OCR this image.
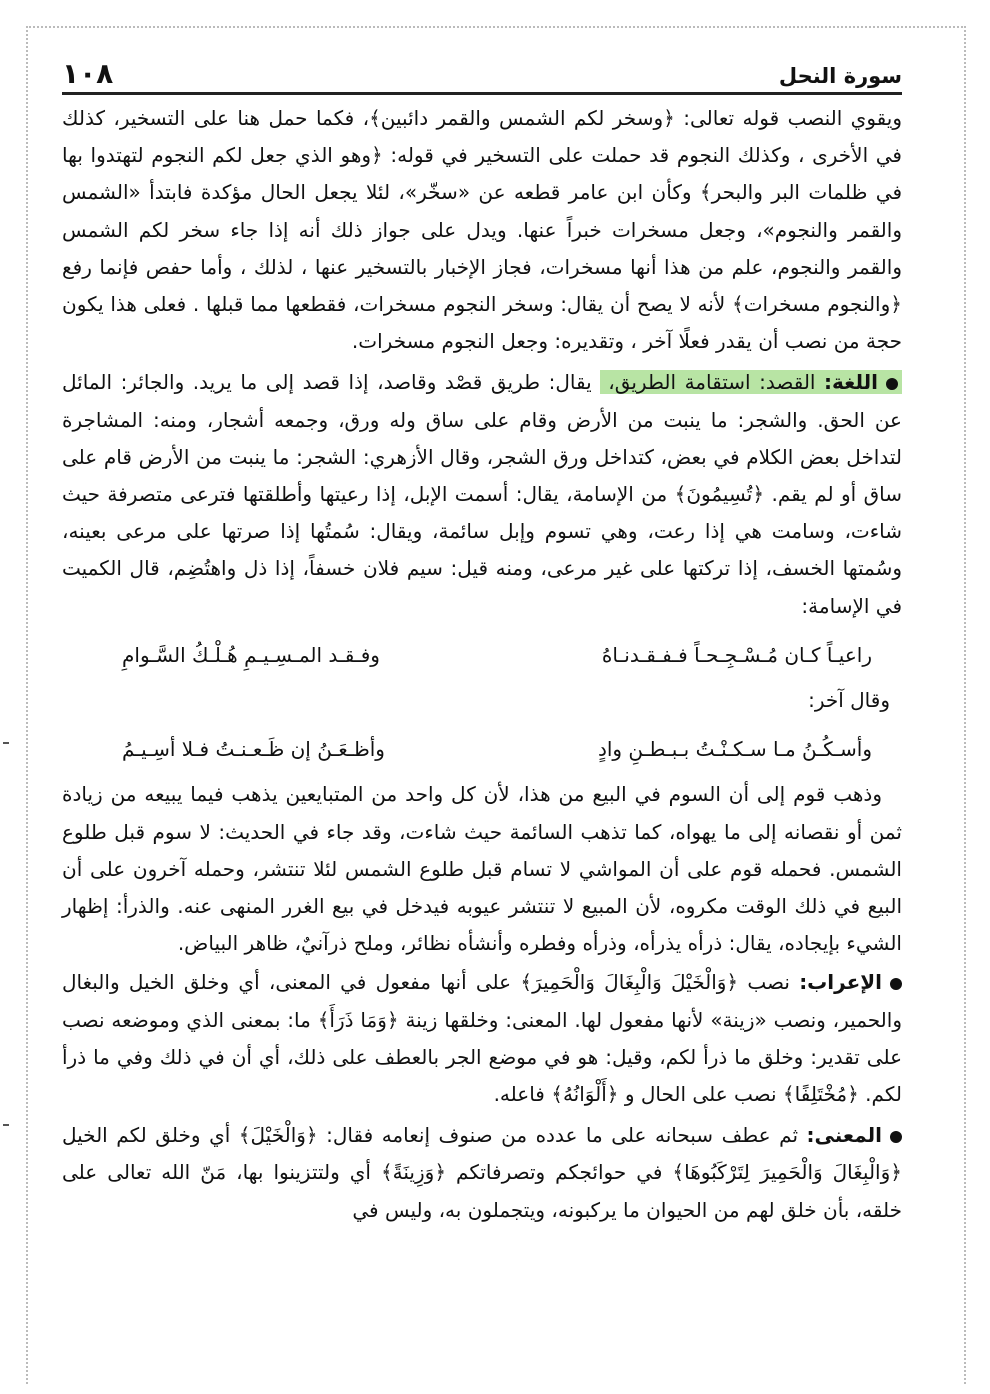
سورة النحل
١٠٨

ويقوي النصب قوله تعالى: ﴿وسخر لكم الشمس والقمر دائبين﴾، فكما حمل هنا على التسخير، كذلك في الأخرى ، وكذلك النجوم قد حملت على التسخير في قوله: ﴿وهو الذي جعل لكم النجوم لتهتدوا بها في ظلمات البر والبحر﴾ وكأن ابن عامر قطعه عن «سخّر»، لئلا يجعل الحال مؤكدة فابتدأ «الشمس والقمر والنجوم»، وجعل مسخرات خبراً عنها. ويدل على جواز ذلك أنه إذا جاء سخر لكم الشمس والقمر والنجوم، علم من هذا أنها مسخرات، فجاز الإخبار بالتسخير عنها ، لذلك ، وأما حفص فإنما رفع ﴿والنجوم مسخرات﴾ لأنه لا يصح أن يقال: وسخر النجوم مسخرات، فقطعها مما قبلها . فعلى هذا يكون حجة من نصب أن يقدر فعلًا آخر ، وتقديره: وجعل النجوم مسخرات.

اللغة: القصد: استقامة الطريق، يقال: طريق قصْد وقاصد، إذا قصد إلى ما يريد. والجائر: المائل عن الحق. والشجر: ما ينبت من الأرض وقام على ساق وله ورق، وجمعه أشجار، ومنه: المشاجرة لتداخل بعض الكلام في بعض، كتداخل ورق الشجر، وقال الأزهري: الشجر: ما ينبت من الأرض قام على ساق أو لم يقم. ﴿تُسِيمُونَ﴾ من الإسامة، يقال: أسمت الإبل، إذا رعيتها وأطلقتها فترعى متصرفة حيث شاءت، وسامت هي إذا رعت، وهي تسوم وإبل سائمة، ويقال: سُمتُها إذا صرتها على مرعى بعينه، وسُمتها الخسف، إذا تركتها على غير مرعى، ومنه قيل: سيم فلان خسفاً، إذا ذل واهتُضِم، قال الكميت في الإسامة:

راعيـاً كـان مُـسْـجِـحـاً فـفـقـدنـاهُ
وفـقـد المـسِـيـمِ هُـلْـكُ السَّـوامِ

وقال آخر:

وأسـكُـنُ مـا سـكـنْـتُ بـبـطـنِ وادٍ
وأظـعَـنُ إن ظَـعـنـتُ فـلا أسِـيـمُ

وذهب قوم إلى أن السوم في البيع من هذا، لأن كل واحد من المتبايعين يذهب فيما يبيعه من زيادة ثمن أو نقصانه إلى ما يهواه، كما تذهب السائمة حيث شاءت، وقد جاء في الحديث: لا سوم قبل طلوع الشمس. فحمله قوم على أن المواشي لا تسام قبل طلوع الشمس لئلا تنتشر، وحمله آخرون على أن البيع في ذلك الوقت مكروه، لأن المبيع لا تنتشر عيوبه فيدخل في بيع الغرر المنهى عنه. والذرأ: إظهار الشيء بإيجاده، يقال: ذرأه يذرأه، وذرأه وفطره وأنشأه نظائر، وملح ذرآنيٌ، ظاهر البياض.

الإعراب: نصب ﴿وَالْخَيْلَ وَالْبِغَالَ وَالْحَمِيرَ﴾ على أنها مفعول في المعنى، أي وخلق الخيل والبغال والحمير، ونصب «زينة» لأنها مفعول لها. المعنى: وخلقها زينة ﴿وَمَا ذَرَأَ﴾ ما: بمعنى الذي وموضعه نصب على تقدير: وخلق ما ذرأ لكم، وقيل: هو في موضع الجر بالعطف على ذلك، أي أن في ذلك وفي ما ذرأ لكم. ﴿مُخْتَلِفًا﴾ نصب على الحال و ﴿أَلْوَانُهُ﴾ فاعله.

المعنى: ثم عطف سبحانه على ما عدده من صنوف إنعامه فقال: ﴿وَالْخَيْلَ﴾ أي وخلق لكم الخيل ﴿وَالْبِغَالَ وَالْحَمِيرَ لِتَرْكَبُوهَا﴾ في حوائجكم وتصرفاتكم ﴿وَزِينَةً﴾ أي ولتتزينوا بها، مَنّ الله تعالى على خلقه، بأن خلق لهم من الحيوان ما يركبونه، ويتجملون به، وليس في
